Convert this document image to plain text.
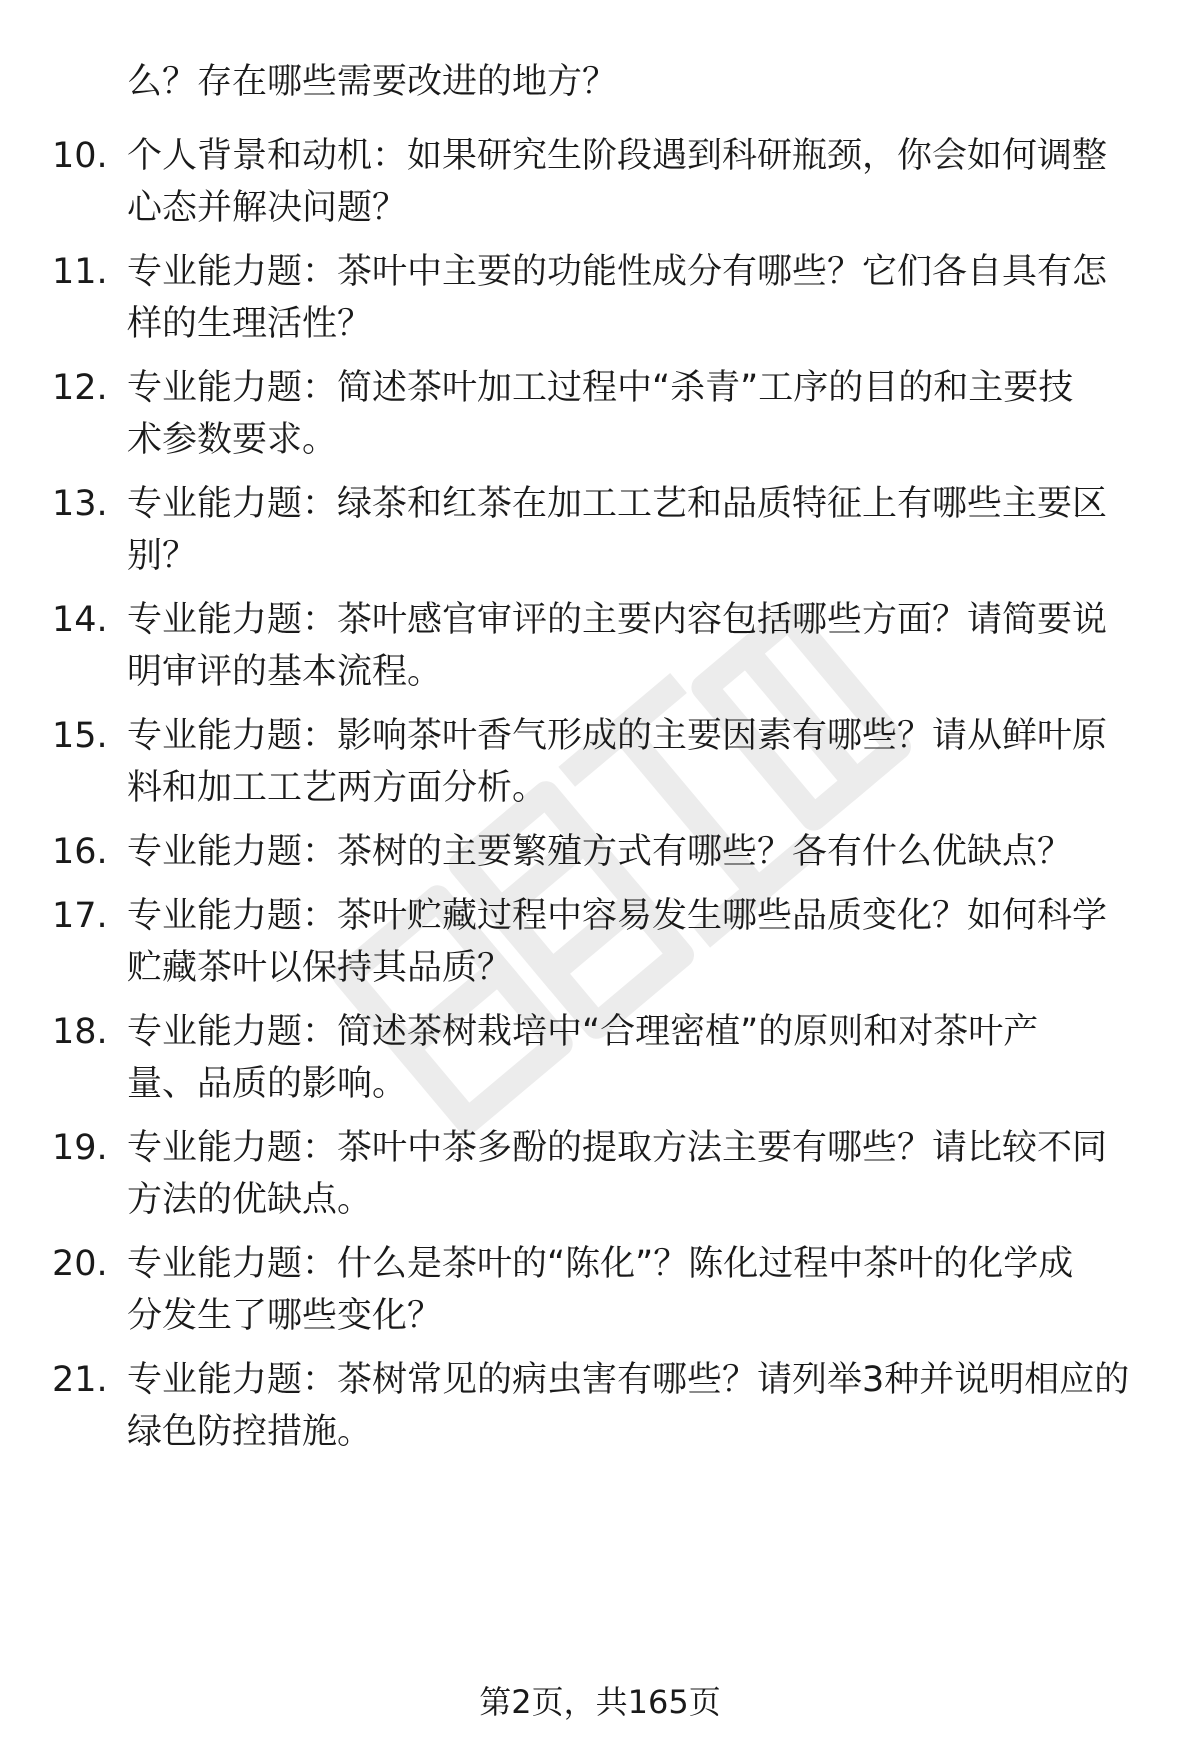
么？存在哪些需要改进的地方？
10. 个人背景和动机：如果研究生阶段遇到科研瓶颈，你会如何调整
心态并解决问题？
11. 专业能力题：茶叶中主要的功能性成分有哪些？它们各自具有怎
样的生理活性？
12. 专业能力题：简述茶叶加工过程中“杀青”工序的目的和主要技
术参数要求。
13. 专业能力题：绿茶和红茶在加工工艺和品质特征上有哪些主要区
别？
14. 专业能力题：茶叶感官审评的主要内容包括哪些方面？请简要说
明审评的基本流程。
15. 专业能力题：影响茶叶香气形成的主要因素有哪些？请从鲜叶原
料和加工工艺两方面分析。
16. 专业能力题：茶树的主要繁殖方式有哪些？各有什么优缺点？
17. 专业能力题：茶叶贮藏过程中容易发生哪些品质变化？如何科学
贮藏茶叶以保持其品质？
18. 专业能力题：简述茶树栽培中“合理密植”的原则和对茶叶产
量、品质的影响。
19. 专业能力题：茶叶中茶多酚的提取方法主要有哪些？请比较不同
方法的优缺点。
20. 专业能力题：什么是茶叶的“陈化”？陈化过程中茶叶的化学成
分发生了哪些变化？
21. 专业能力题：茶树常见的病虫害有哪些？请列举3种并说明相应的
绿色防控措施。
第2页，共165页
